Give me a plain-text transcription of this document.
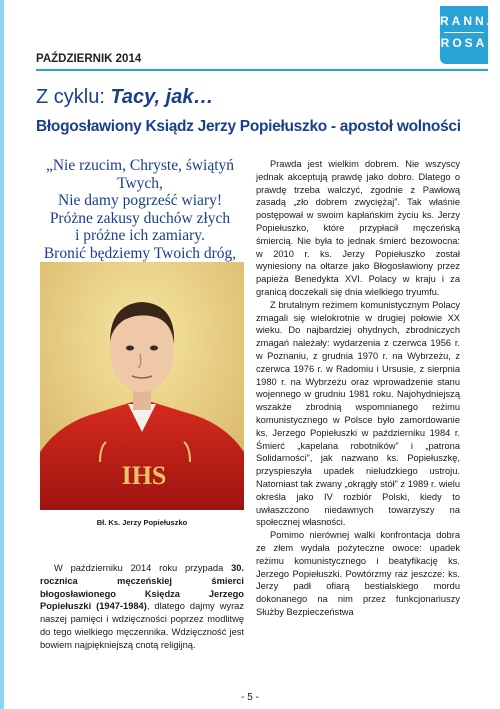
RANNA
ROSA
PAŹDZIERNIK 2014
Z cyklu: Tacy, jak…
Błogosławiony Ksiądz Jerzy Popiełuszko - apostoł wolności
„Nie rzucim, Chryste, świątyń Twych,
Nie damy pogrześć wiary!
Próżne zakusy duchów złych
i próżne ich zamiary.
Bronić będziemy Twoich dróg,
IHS
Bł. Ks. Jerzy Popiełuszko

W październiku 2014 roku przypada 30. rocznica męczeńskiej śmierci błogosławionego Księdza Jerzego Popiełuszki (1947-1984), dlatego dajmy wyraz naszej pamięci i wdzięczności poprzez modlitwę do tego wielkiego męczennika. Wdzięczność jest bowiem najpiękniejszą cnotą religijną.

Prawda jest wielkim dobrem. Nie wszyscy jednak akceptują prawdę jako dobro. Dlatego o prawdę trzeba walczyć, zgodnie z Pawłową zasadą „zło dobrem zwyciężaj”. Tak właśnie postępował w swoim kapłańskim życiu ks. Jerzy Popiełuszko, które przypłacił męczeńską śmiercią. Nie była to jednak śmierć bezowocna: w 2010 r. ks. Jerzy Popiełuszko został wyniesiony na ołtarze jako Błogosławiony przez papieża Benedykta XVI. Polacy w kraju i za granicą doczekali się dnia wielkiego tryumfu.

Z brutalnym reżimem komunistycznym Polacy zmagali się wielokrotnie w drugiej połowie XX wieku. Do najbardziej ohydnych, zbrodniczych zmagań należały: wydarzenia z czerwca 1956 r. w Poznaniu, z grudnia 1970 r. na Wybrzeżu, z czerwca 1976 r. w Radomiu i Ursusie, z sierpnia 1980 r. na Wybrzeżu oraz wprowadzenie stanu wojennego w grudniu 1981 roku. Najohydniejszą wszakże zbrodnią wspomnianego reżimu komunistycznego w Polsce było zamordowanie ks. Jerzego Popiełuszki w październiku 1984 r. Śmierć „kapelana robotników” i „patrona Solidarności”, jak nazwano ks. Popiełuszkę, przyspieszyła upadek nieludzkiego ustroju. Natomiast tak zwany „okrągły stół” z 1989 r. wielu określa jako IV rozbiór Polski, kiedy to uwłaszczono niedawnych towarzyszy na społecznej własności.

Pomimo nierównej walki konfrontacja dobra ze złem wydała pożyteczne owoce: upadek reżimu komunistycznego i beatyfikację ks. Jerzego Popiełuszki. Powtórzmy raz jeszcze: ks. Jerzy padł ofiarą bestialskiego mordu dokonanego na nim przez funkcjonariuszy Służby Bezpieczeństwa

- 5 -
